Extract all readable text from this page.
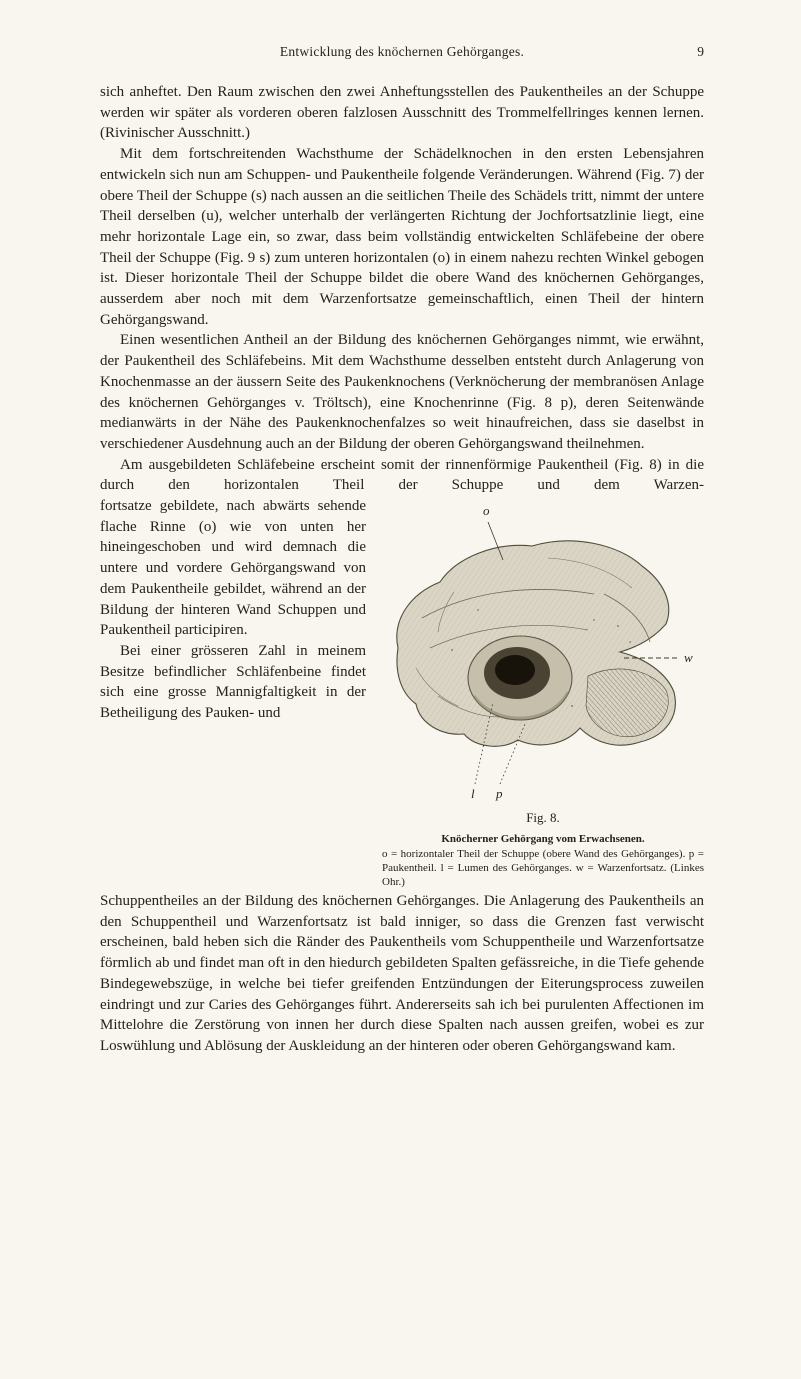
Entwicklung des knöchernen Gehörganges.	9

sich anheftet. Den Raum zwischen den zwei Anheftungsstellen des Paukentheiles an der Schuppe werden wir später als vorderen oberen falzlosen Ausschnitt des Trommelfellringes kennen lernen. (Rivinischer Ausschnitt.)

Mit dem fortschreitenden Wachsthume der Schädelknochen in den ersten Lebensjahren entwickeln sich nun am Schuppen- und Paukentheile folgende Veränderungen. Während (Fig. 7) der obere Theil der Schuppe (s) nach aussen an die seitlichen Theile des Schädels tritt, nimmt der untere Theil derselben (u), welcher unterhalb der verlängerten Richtung der Jochfortsatzlinie liegt, eine mehr horizontale Lage ein, so zwar, dass beim vollständig entwickelten Schläfebeine der obere Theil der Schuppe (Fig. 9 s) zum unteren horizontalen (o) in einem nahezu rechten Winkel gebogen ist. Dieser horizontale Theil der Schuppe bildet die obere Wand des knöchernen Gehörganges, ausserdem aber noch mit dem Warzenfortsatze gemeinschaftlich, einen Theil der hintern Gehörgangswand.

Einen wesentlichen Antheil an der Bildung des knöchernen Gehörganges nimmt, wie erwähnt, der Paukentheil des Schläfebeins. Mit dem Wachsthume desselben entsteht durch Anlagerung von Knochenmasse an der äussern Seite des Paukenknochens (Verknöcherung der membranösen Anlage des knöchernen Gehörganges v. Tröltsch), eine Knochenrinne (Fig. 8 p), deren Seitenwände medianwärts in der Nähe des Paukenknochenfalzes so weit hinaufreichen, dass sie daselbst in verschiedener Ausdehnung auch an der Bildung der oberen Gehörgangswand theilnehmen.

Am ausgebildeten Schläfebeine erscheint somit der rinnenförmige Paukentheil (Fig. 8) in die durch den horizontalen Theil der Schuppe und dem Warzen-

o
w
l p
Fig. 8.
Knöcherner Gehörgang vom Erwachsenen.
o = horizontaler Theil der Schuppe (obere Wand des Gehörganges). p = Paukentheil. l = Lumen des Gehörganges. w = Warzenfortsatz. (Linkes Ohr.)

fortsatze gebildete, nach abwärts sehende flache Rinne (o) wie von unten her hineingeschoben und wird demnach die untere und vordere Gehörgangswand von dem Paukentheile gebildet, während an der Bildung der hinteren Wand Schuppen und Paukentheil participiren.

Bei einer grösseren Zahl in meinem Besitze befindlicher Schläfenbeine findet sich eine grosse Mannigfaltigkeit in der Betheiligung des Pauken- und

Schuppentheiles an der Bildung des knöchernen Gehörganges. Die Anlagerung des Paukentheils an den Schuppentheil und Warzenfortsatz ist bald inniger, so dass die Grenzen fast verwischt erscheinen, bald heben sich die Ränder des Paukentheils vom Schuppentheile und Warzenfortsatze förmlich ab und findet man oft in den hiedurch gebildeten Spalten gefässreiche, in die Tiefe gehende Bindegewebszüge, in welche bei tiefer greifenden Entzündungen der Eiterungsprocess zuweilen eindringt und zur Caries des Gehörganges führt. Andererseits sah ich bei purulenten Affectionen im Mittelohre die Zerstörung von innen her durch diese Spalten nach aussen greifen, wobei es zur Loswühlung und Ablösung der Auskleidung an der hinteren oder oberen Gehörgangswand kam.
